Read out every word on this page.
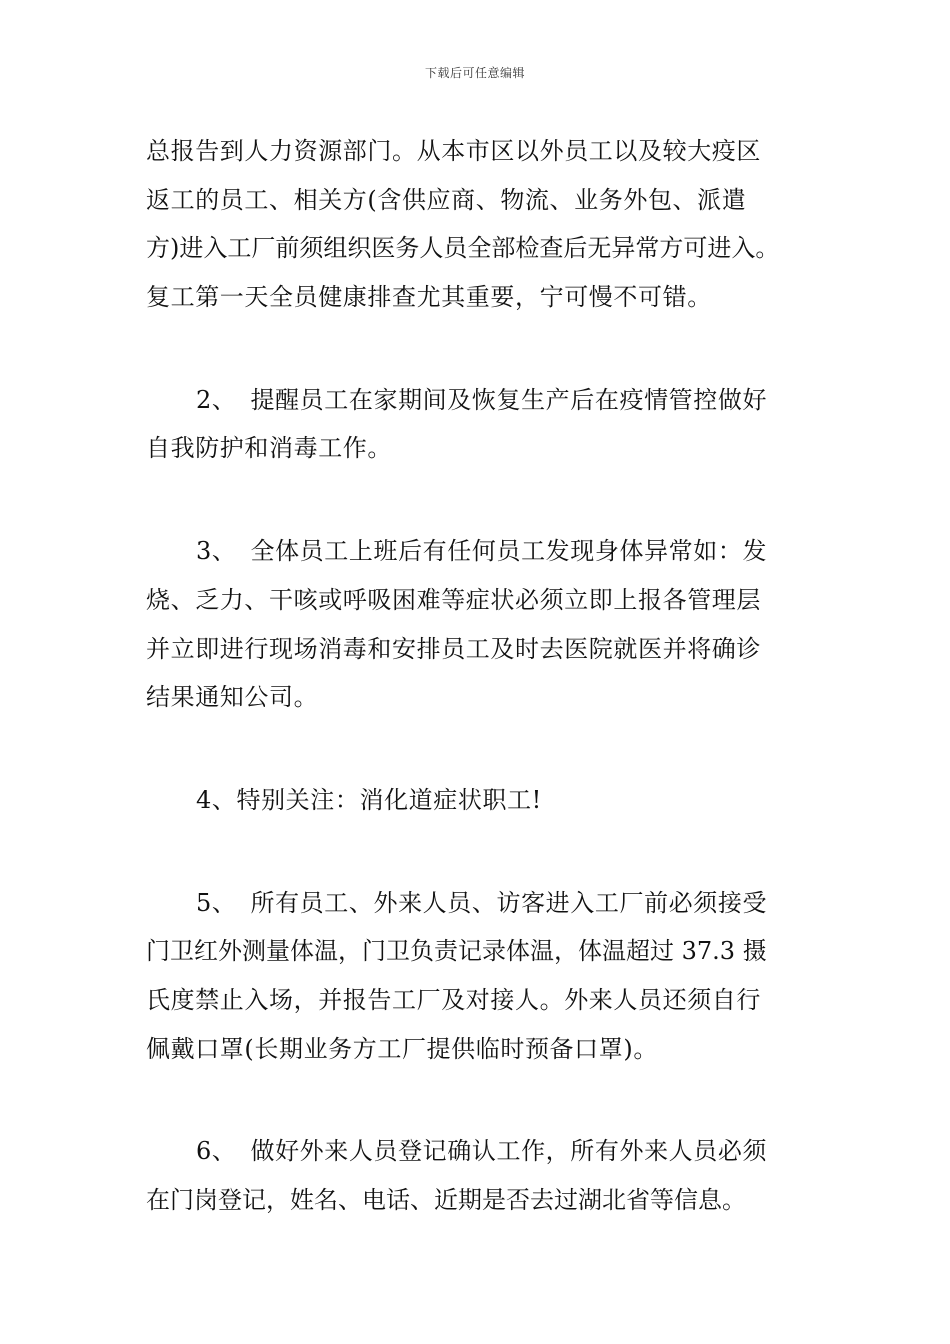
下载后可任意编辑
总报告到人力资源部门。从本市区以外员工以及较大疫区
返工的员工、相关方(含供应商、物流、业务外包、派遣
方)进入工厂前须组织医务人员全部检查后无异常方可进入。
复工第一天全员健康排查尤其重要，宁可慢不可错。
2、 提醒员工在家期间及恢复生产后在疫情管控做好
自我防护和消毒工作。
3、 全体员工上班后有任何员工发现身体异常如：发
烧、乏力、干咳或呼吸困难等症状必须立即上报各管理层
并立即进行现场消毒和安排员工及时去医院就医并将确诊
结果通知公司。
4、特别关注：消化道症状职工!
5、 所有员工、外来人员、访客进入工厂前必须接受
门卫红外测量体温，门卫负责记录体温，体温超过 37.3 摄
氏度禁止入场，并报告工厂及对接人。外来人员还须自行
佩戴口罩(长期业务方工厂提供临时预备口罩)。
6、 做好外来人员登记确认工作，所有外来人员必须
在门岗登记，姓名、电话、近期是否去过湖北省等信息。
